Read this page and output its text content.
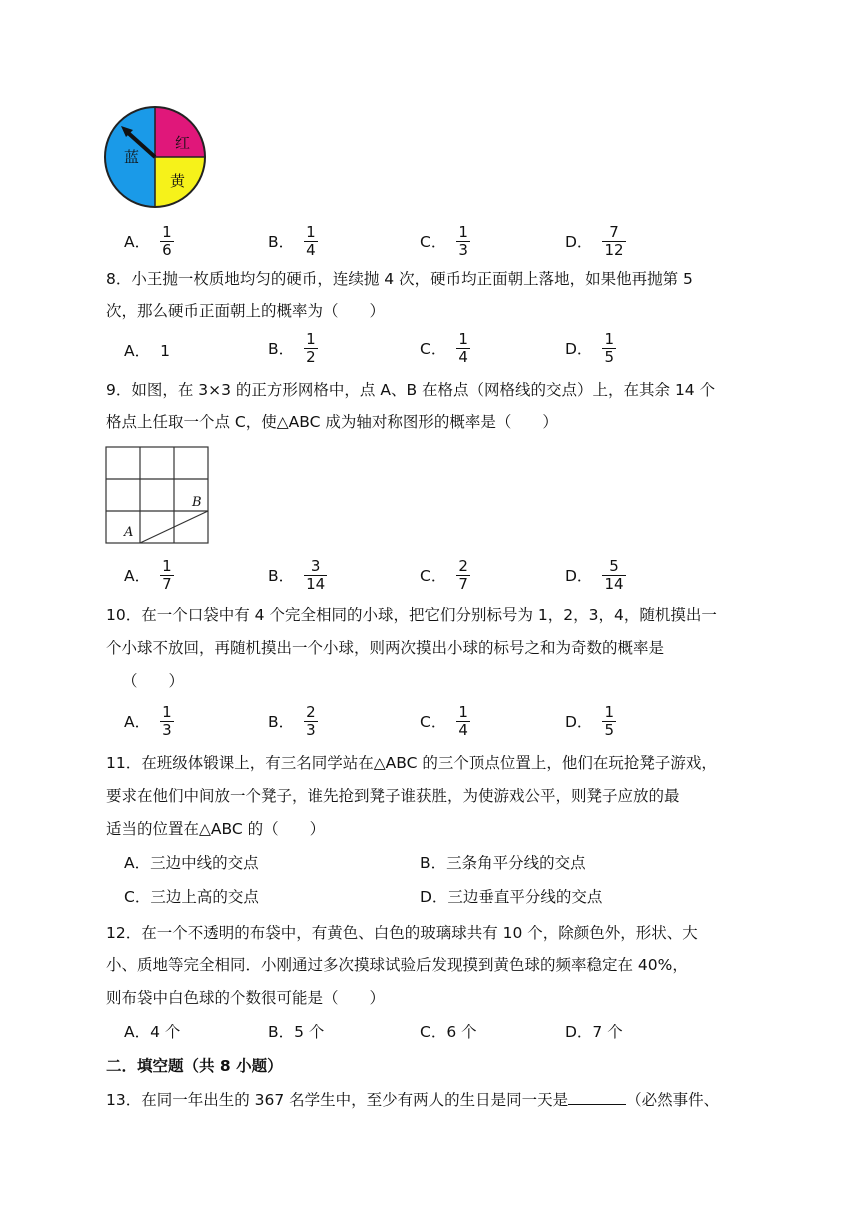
蓝
红
黄
A． $\frac{1}{6}$	B． $\frac{1}{4}$	C． $\frac{1}{3}$	D． $\frac{7}{12}$
8．小王抛一枚质地均匀的硬币，连续抛 4 次，硬币均正面朝上落地，如果他再抛第 5
次，那么硬币正面朝上的概率为（　　）
A． 1	B． $\frac{1}{2}$	C． $\frac{1}{4}$	D． $\frac{1}{5}$
9．如图，在 3×3 的正方形网格中，点 A、B 在格点（网格线的交点）上，在其余 14 个
格点上任取一个点 C，使△ABC 成为轴对称图形的概率是（　　）
A
B
A． $\frac{1}{7}$	B． $\frac{3}{14}$	C． $\frac{2}{7}$	D． $\frac{5}{14}$
10．在一个口袋中有 4 个完全相同的小球，把它们分别标号为 1，2，3，4，随机摸出一
个小球不放回，再随机摸出一个小球，则两次摸出小球的标号之和为奇数的概率是
（　　）
A． $\frac{1}{3}$	B． $\frac{2}{3}$	C． $\frac{1}{4}$	D． $\frac{1}{5}$
11．在班级体锻课上，有三名同学站在△ABC 的三个顶点位置上，他们在玩抢凳子游戏，
要求在他们中间放一个凳子，谁先抢到凳子谁获胜，为使游戏公平，则凳子应放的最
适当的位置在△ABC 的（　　）
A．三边中线的交点	B．三条角平分线的交点
C．三边上高的交点	D．三边垂直平分线的交点
12．在一个不透明的布袋中，有黄色、白色的玻璃球共有 10 个，除颜色外，形状、大
小、质地等完全相同．小刚通过多次摸球试验后发现摸到黄色球的频率稳定在 40%，
则布袋中白色球的个数很可能是（　　）
A．4 个	B．5 个	C．6 个	D．7 个
二．填空题（共 8 小题）
13．在同一年出生的 367 名学生中，至少有两人的生日是同一天是	（必然事件、
